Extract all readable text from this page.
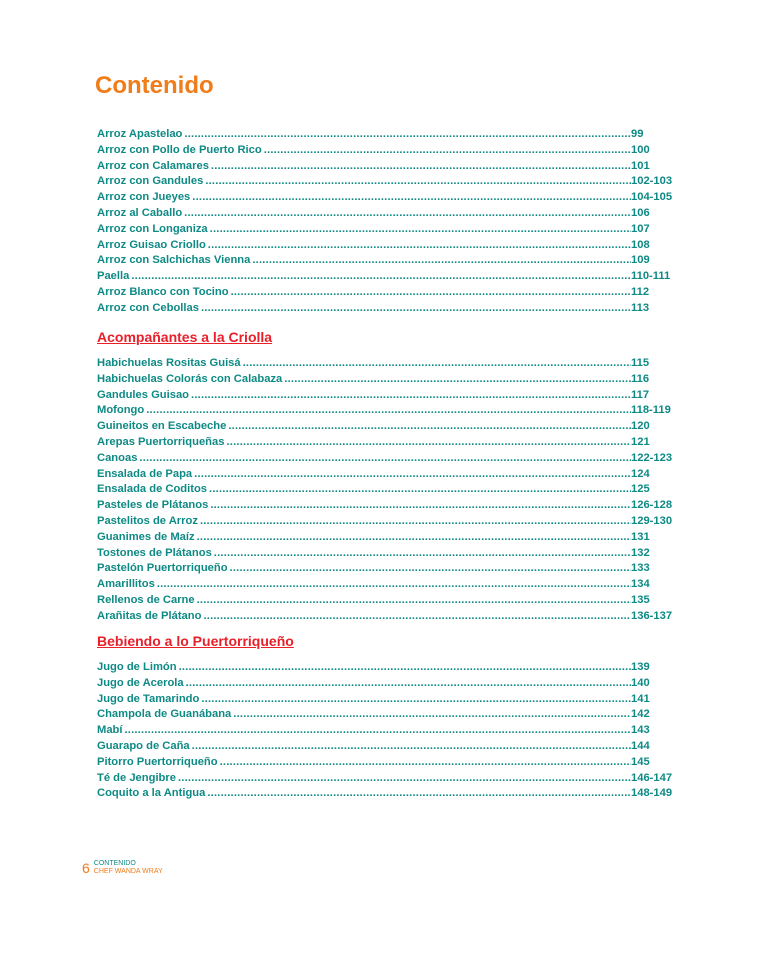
Contenido
Arroz Apastelao .....	99
Arroz con Pollo de Puerto Rico .....	100
Arroz con Calamares .....	101
Arroz con Gandules .....	102-103
Arroz con Jueyes .....	104-105
Arroz al Caballo .....	106
Arroz con Longaniza .....	107
Arroz Guisao Criollo .....	108
Arroz con Salchichas Vienna .....	109
Paella .....	110-111
Arroz Blanco con Tocino .....	112
Arroz con Cebollas .....	113
Acompañantes a la Criolla
Habichuelas Rositas Guisá .....	115
Habichuelas Colorás con Calabaza .....	116
Gandules Guisao .....	117
Mofongo .....	118-119
Guineitos en Escabeche .....	120
Arepas Puertorriqueñas .....	121
Canoas .....	122-123
Ensalada de Papa .....	124
Ensalada de Coditos .....	125
Pasteles de Plátanos .....	126-128
Pastelitos de Arroz .....	129-130
Guanimes de Maíz .....	131
Tostones de Plátanos .....	132
Pastelón Puertorriqueño .....	133
Amarillitos .....	134
Rellenos de Carne .....	135
Arañitas de Plátano .....	136-137
Bebiendo a lo Puertorriqueño
Jugo de Limón .....	139
Jugo de Acerola .....	140
Jugo de Tamarindo .....	141
Champola de Guanábana .....	142
Mabí .....	143
Guarapo de Caña .....	144
Pitorro Puertorriqueño .....	145
Té de Jengibre .....	146-147
Coquito a la Antigua .....	148-149
6 CONTENIDO
CHEF WANDA WRAY
